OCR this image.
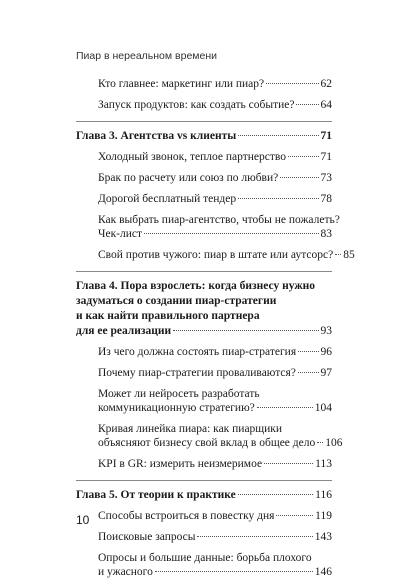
Пиар в нереальном времени
Кто главнее: маркетинг или пиар?	62
Запуск продуктов: как создать событие? 64
Глава 3. Агентства vs клиенты	71
Холодный звонок, теплое партнерство	71
Брак по расчету или союз по любви?	73
Дорогой бесплатный тендер	78
Как выбрать пиар-агентство, чтобы не пожалеть?
Чек-лист	83
Свой против чужого: пиар в штате или аутсорс? 85
Глава 4. Пора взрослеть: когда бизнесу нужно
задуматься о создании пиар-стратегии
и как найти правильного партнера
для ее реализации	93
Из чего должна состоять пиар-стратегия 96
Почему пиар-стратегии проваливаются? 97
Может ли нейросеть разработать
коммуникационную стратегию?	104
Кривая линейка пиара: как пиарщики
объясняют бизнесу свой вклад в общее дело 106
KPI в GR: измерить неизмеримое	113
Глава 5. От теории к практике	116
Способы встроиться в повестку дня	119
Поисковые запросы	143
Опросы и большие данные: борьба плохого
и ужасного	146
10
